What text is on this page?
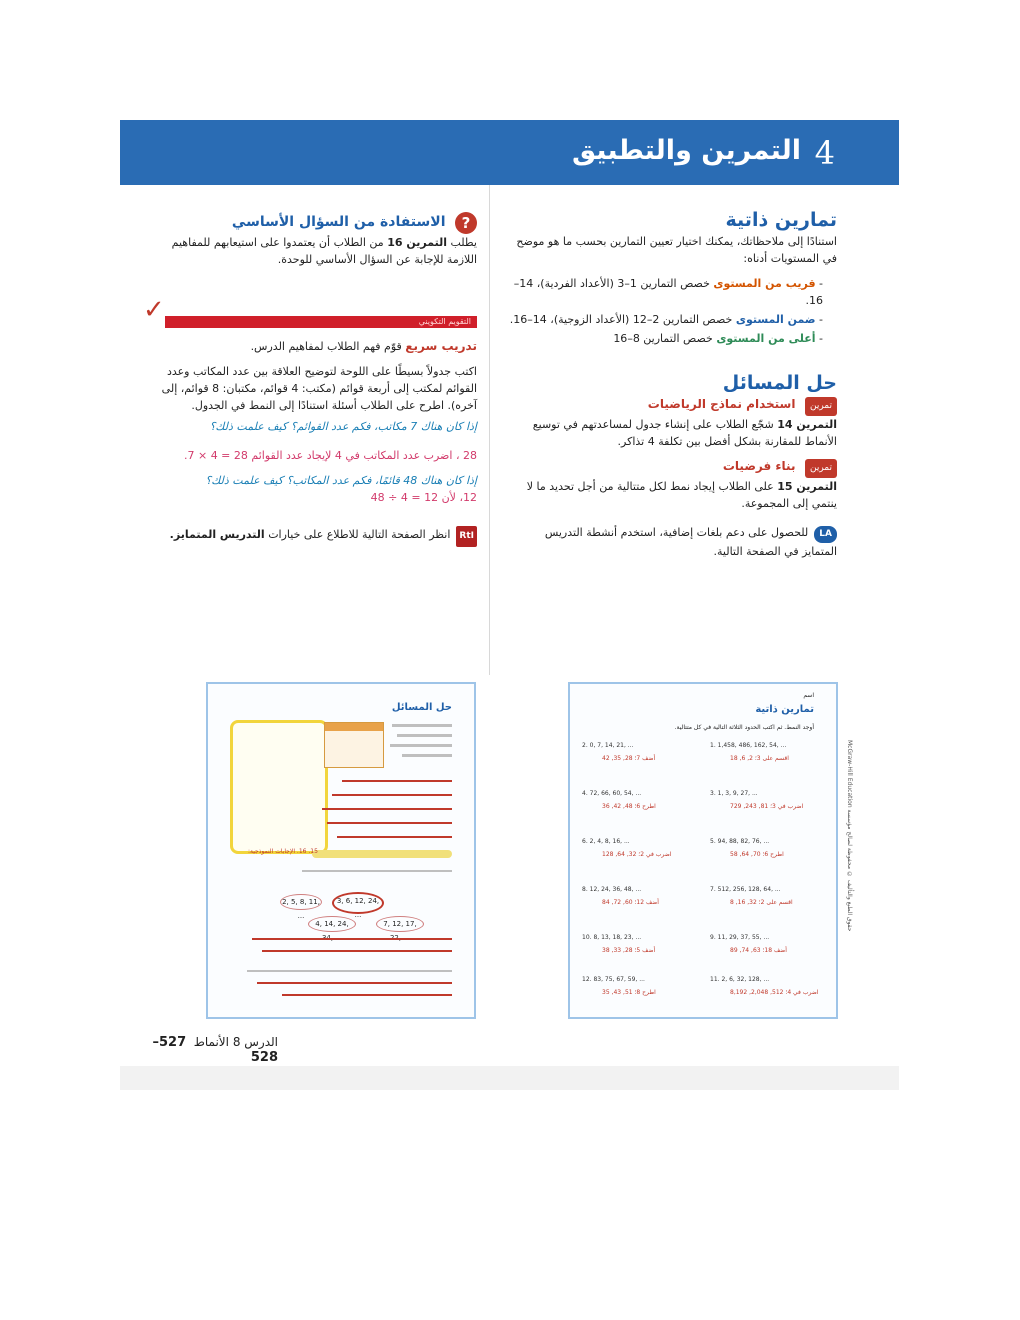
4
التمرين والتطبيق
تمارين ذاتية

استنادًا إلى ملاحظاتك، يمكنك اختيار تعيين التمارين بحسب ما هو موضح في المستويات أدناه:

- قريب من المستوى خصص التمارين 1–3 (الأعداد الفردية)، 14–16.
- ضمن المستوى خصص التمارين 2–12 (الأعداد الزوجية)، 14–16.
- أعلى من المستوى خصص التمارين 8–16
حل المسائل
تمرين استخدام نماذج الرياضيات

التمرين 14 شجّع الطلاب على إنشاء جدول لمساعدتهم في توسيع الأنماط للمقارنة بشكل أفضل بين تكلفة 4 تذاكر.

تمرين بناء فرضيات

التمرين 15 على الطلاب إيجاد نمط لكل متتالية من أجل تحديد ما لا ينتمي إلى المجموعة.

LAللحصول على دعم بلغات إضافية، استخدم أنشطة التدريس المتمايز في الصفحة التالية.

? الاستفادة من السؤال الأساسي

يطلب التمرين 16 من الطلاب أن يعتمدوا على استيعابهم للمفاهيم اللازمة للإجابة عن السؤال الأساسي للوحدة.

✓	التقويم التكويني

تدريب سريع قوّم فهم الطلاب لمفاهيم الدرس.

اكتب جدولاً بسيطًا على اللوحة لتوضيح العلاقة بين عدد المكاتب وعدد القوائم لمكتب إلى أربعة قوائم (مكتب: 4 قوائم، مكتبان: 8 قوائم، إلى آخره). اطرح على الطلاب أسئلة استنادًا إلى النمط في الجدول.

إذا كان هناك 7 مكاتب، فكم عدد القوائم؟ كيف علمت ذلك؟

28 ، اضرب عدد المكاتب في 4 لإيجاد عدد القوائم 28 = 4 × 7.

إذا كان هناك 48 قائمًا، فكم عدد المكاتب؟ كيف علمت ذلك؟

12، لأن 12 = 4 ÷ 48

RtIانظر الصفحة التالية للاطلاع على خيارات التدريس المتمايز.

حل المسائل
15. 16. الإجابات النموذجية:
2, 5, 8, 11, ...
3, 6, 12, 24, ...
4, 14, 24,	7, 12, 17,
اسم
تمارين ذاتية
أوجد النمط. ثم اكتب الحدود الثلاثة التالية في كل متتالية.
1. 1,458, 486, 162, 54, ...
اقسم على 3؛ 2, 6, 18
2. 0, 7, 14, 21, ...
أضف 7؛ 28, 35, 42
3. 1, 3, 9, 27, ...
اضرب في 3؛ 81, 243, 729
4. 72, 66, 60, 54, ...
اطرح 6؛ 48, 42, 36
5. 94, 88, 82, 76, ...
اطرح 6؛ 70, 64, 58
6. 2, 4, 8, 16, ...
اضرب في 2؛ 32, 64, 128
7. 512, 256, 128, 64, ...
اقسم على 2؛ 32, 16, 8
8. 12, 24, 36, 48, ...
أضف 12؛ 60, 72, 84
9. 11, 29, 37, 55, ...
أضف 18؛ 63, 74, 89
10. 8, 13, 18, 23, ...
أضف 5؛ 28, 33, 38
11. 2, 6, 32, 128, ...
اضرب في 4؛ 512, 2,048, 8,192
12. 83, 75, 67, 59, ...
اطرح 8؛ 51, 43, 35
McGraw-Hill Education حقوق الطبع والتأليف © محفوظة لصالح مؤسسة
الدرس 8 الأنماط  527–528
